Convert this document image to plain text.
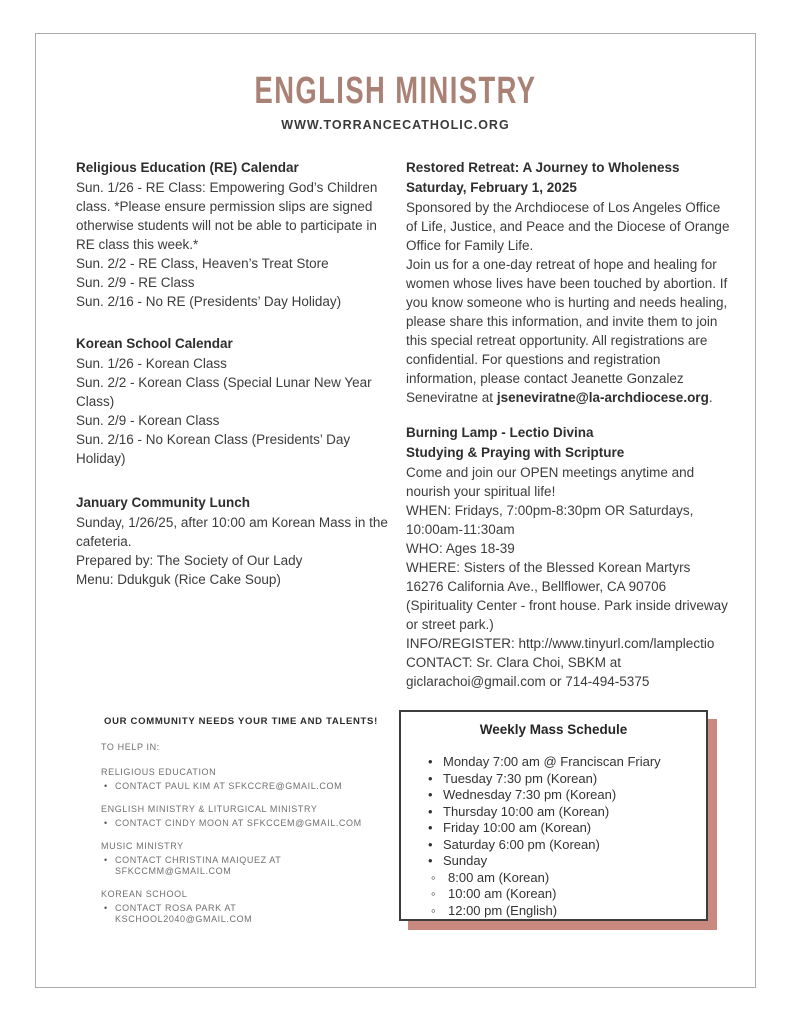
ENGLISH MINISTRY
WWW.TORRANCECATHOLIC.ORG
Religious Education (RE) Calendar
Sun. 1/26 - RE Class: Empowering God’s Children class. *Please ensure permission slips are signed otherwise students will not be able to participate in RE class this week.*
Sun. 2/2 - RE Class, Heaven’s Treat Store
Sun. 2/9 - RE Class
Sun. 2/16 - No RE (Presidents’ Day Holiday)
Korean School Calendar
Sun. 1/26 - Korean Class
Sun. 2/2 - Korean Class (Special Lunar New Year Class)
Sun. 2/9 - Korean Class
Sun. 2/16 - No Korean Class (Presidents’ Day Holiday)
January Community Lunch
Sunday, 1/26/25, after 10:00 am Korean Mass in the cafeteria.
Prepared by: The Society of Our Lady
Menu: Ddukguk (Rice Cake Soup)
OUR COMMUNITY NEEDS YOUR TIME AND TALENTS!
TO HELP IN:
RELIGIOUS EDUCATION
• CONTACT PAUL KIM AT SFKCCRE@GMAIL.COM
ENGLISH MINISTRY & LITURGICAL MINISTRY
• CONTACT CINDY MOON AT SFKCCEM@GMAIL.COM
MUSIC MINISTRY
• CONTACT CHRISTINA MAIQUEZ AT SFKCCMM@GMAIL.COM
KOREAN SCHOOL
• CONTACT ROSA PARK AT KSCHOOL2040@GMAIL.COM
Restored Retreat: A Journey to Wholeness
Saturday, February 1, 2025

Sponsored by the Archdiocese of Los Angeles Office of Life, Justice, and Peace and the Diocese of Orange Office for Family Life.

Join us for a one-day retreat of hope and healing for women whose lives have been touched by abortion. If you know someone who is hurting and needs healing, please share this information, and invite them to join this special retreat opportunity. All registrations are confidential. For questions and registration information, please contact Jeanette Gonzalez Seneviratne at jseneviratne@la-archdiocese.org.

Burning Lamp - Lectio Divina
Studying & Praying with Scripture
Come and join our OPEN meetings anytime and nourish your spiritual life!
WHEN: Fridays, 7:00pm-8:30pm OR Saturdays, 10:00am-11:30am
WHO: Ages 18-39
WHERE: Sisters of the Blessed Korean Martyrs
16276 California Ave., Bellflower, CA 90706
(Spirituality Center - front house. Park inside driveway or street park.)
INFO/REGISTER: http://www.tinyurl.com/lamplectio
CONTACT: Sr. Clara Choi, SBKM at giclarachoi@gmail.com or 714-494-5375
Weekly Mass Schedule
• Monday 7:00 am @ Franciscan Friary
• Tuesday 7:30 pm (Korean)
• Wednesday 7:30 pm (Korean)
• Thursday 10:00 am (Korean)
• Friday 10:00 am (Korean)
• Saturday 6:00 pm (Korean)
• Sunday
◦ 8:00 am (Korean)
◦ 10:00 am (Korean)
◦ 12:00 pm (English)
